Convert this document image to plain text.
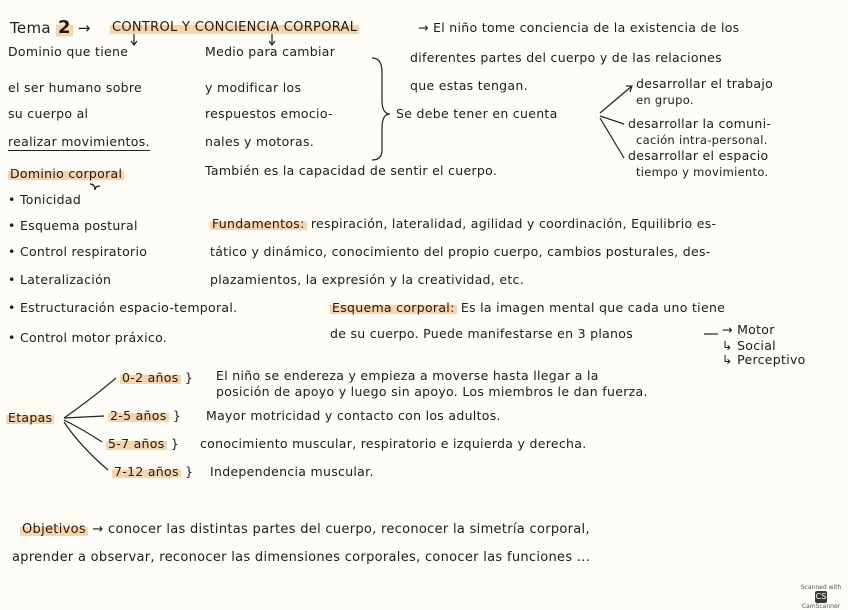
Tema 2 → CONTROL Y CONCIENCIA CORPORAL	→ El niño tome conciencia de la existencia de los
Dominio que tiene
el ser humano sobre
su cuerpo al
realizar movimientos.
Medio para cambiar
y modificar los
respuestos emocio-
nales y motoras.
También es la capacidad de sentir el cuerpo.
diferentes partes del cuerpo y de las relaciones
que estas tengan.
Se debe tener en cuenta
desarrollar el trabajo
en grupo.
desarrollar la comuni-
cación intra-personal.
desarrollar el espacio
tiempo y movimiento.
Dominio corporal
• Tonicidad
• Esquema postural
• Control respiratorio
• Lateralización
• Estructuración espacio-temporal.
• Control motor práxico.
Fundamentos: respiración, lateralidad, agilidad y coordinación, Equilibrio es-
tático y dinámico, conocimiento del propio cuerpo, cambios posturales, des-
plazamientos, la expresión y la creatividad, etc.
Esquema corporal: Es la imagen mental que cada uno tiene
de su cuerpo. Puede manifestarse en 3 planos	→ Motor
↳ Social
↳ Perceptivo
Etapas
0-2 años } El niño se endereza y empieza a moverse hasta llegar a la
posición de apoyo y luego sin apoyo. Los miembros le dan fuerza.
2-5 años } Mayor motricidad y contacto con los adultos.
5-7 años } conocimiento muscular, respiratorio e izquierda y derecha.
7-12 años } Independencia muscular.
Objetivos → conocer las distintas partes del cuerpo, reconocer la simetría corporal,
aprender a observar, reconocer las dimensiones corporales, conocer las funciones ...
Scanned with
CS CamScanner
